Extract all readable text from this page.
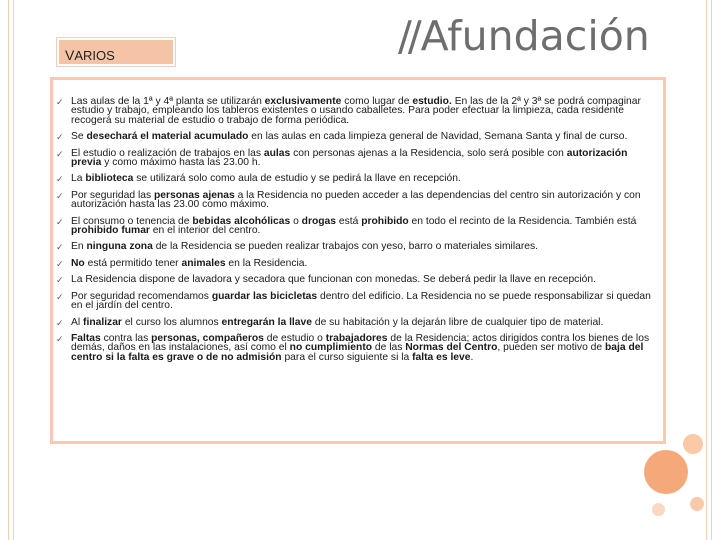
VARIOS	//Afundación
✓ Las aulas de la 1ª y 4ª planta se utilizarán exclusivamente como lugar de estudio. En las de la 2ª y 3ª se podrá compaginar estudio y trabajo, empleando los tableros existentes o usando caballetes. Para poder efectuar la limpieza, cada residente recogerá su material de estudio o trabajo de forma periódica.
✓ Se desechará el material acumulado en las aulas en cada limpieza general de Navidad, Semana Santa y final de curso.
✓ El estudio o realización de trabajos en las aulas con personas ajenas a la Residencia, solo será posible con autorización previa y como máximo hasta las 23.00 h.
✓ La biblioteca se utilizará solo como aula de estudio y se pedirá la llave en recepción.
✓ Por seguridad las personas ajenas a la Residencia no pueden acceder a las dependencias del centro sin autorización y con autorización hasta las 23.00 como máximo.
✓ El consumo o tenencia de bebidas alcohólicas o drogas está prohibido en todo el recinto de la Residencia. También está prohibido fumar en el interior del centro.
✓ En ninguna zona de la Residencia se pueden realizar trabajos con yeso, barro o materiales similares.
✓ No está permitido tener animales en la Residencia.
✓ La Residencia dispone de lavadora y secadora que funcionan con monedas. Se deberá pedir la llave en recepción.
✓ Por seguridad recomendamos guardar las bicicletas dentro del edificio. La Residencia no se puede responsabilizar si quedan en el jardín del centro.
✓ Al finalizar el curso los alumnos entregarán la llave de su habitación y la dejarán libre de cualquier tipo de material.
✓ Faltas contra las personas, compañeros de estudio o trabajadores de la Residencia; actos dirigidos contra los bienes de los demás, daños en las instalaciones, así como el no cumplimiento de las Normas del Centro, pueden ser motivo de baja del centro si la falta es grave o de no admisión para el curso siguiente si la falta es leve.
